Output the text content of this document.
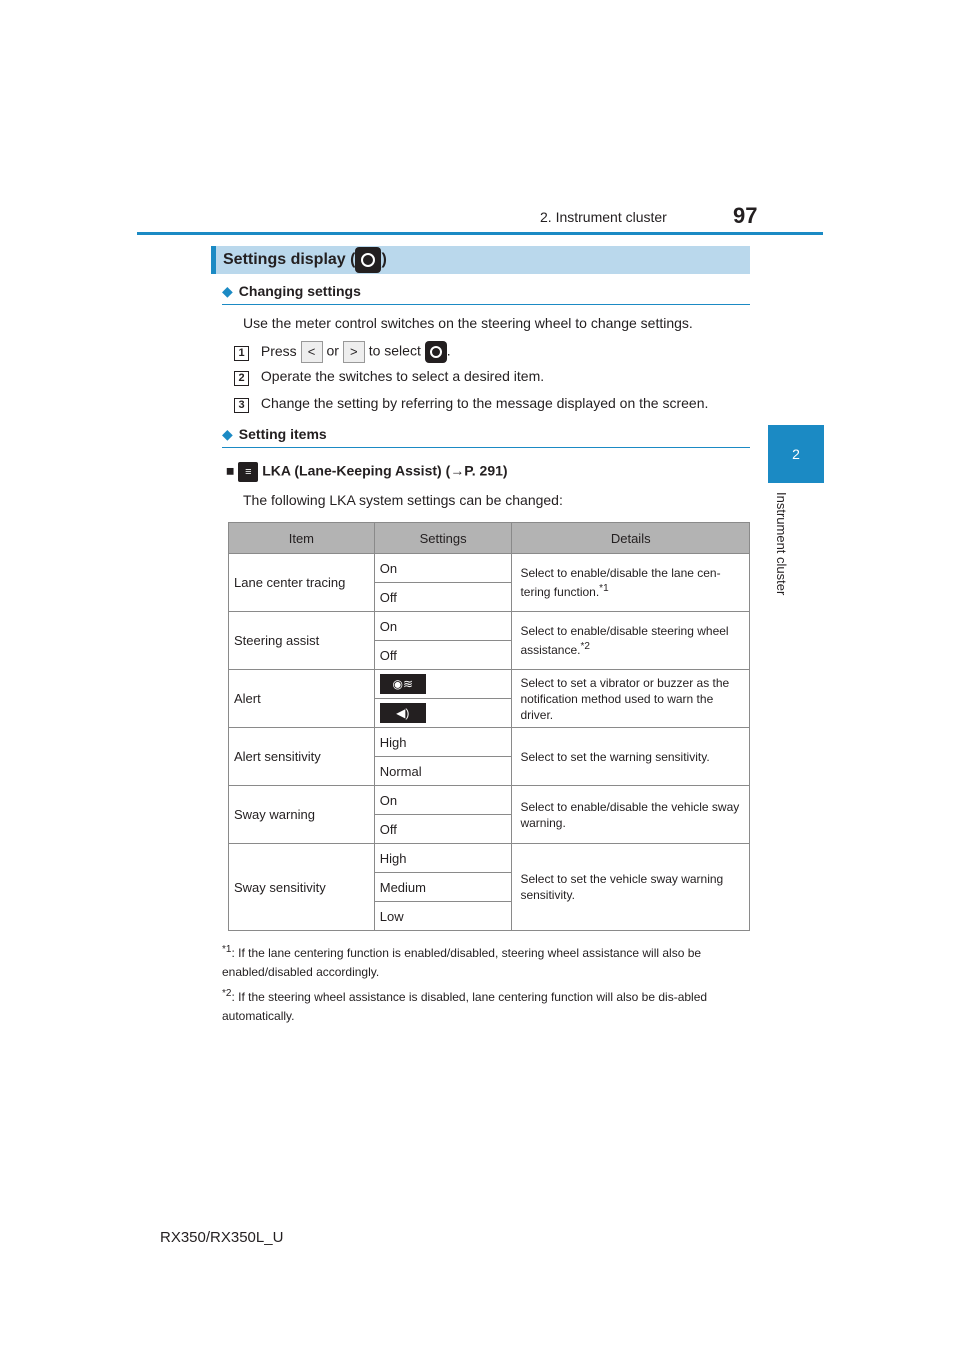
2. Instrument cluster	97
2
Instrument cluster
Settings display ( )
◆ Changing settings
Use the meter control switches on the steering wheel to change settings.
1 Press < or > to select .
2 Operate the switches to select a desired item.
3 Change the setting by referring to the message displayed on the screen.
◆ Setting items
■ ≡ LKA (Lane-Keeping Assist) (→P. 291)
The following LKA system settings can be changed:
Item	Settings	Details
Lane center tracing	On	Select to enable/disable the lane cen-tering function.$^{*1}$
	Off	
Steering assist	On	Select to enable/disable steering wheel assistance.$^{*2}$
	Off	
Alert	◉≋	Select to set a vibrator or buzzer as the notification method used to warn the driver.
	◀)	
Alert sensitivity	High	Select to set the warning sensitivity.
	Normal	
Sway warning	On	Select to enable/disable the vehicle sway warning.
	Off	
Sway sensitivity	High	Select to set the vehicle sway warning sensitivity.
	Medium	
	Low	
$^{*1}$: If the lane centering function is enabled/disabled, steering wheel assistance will also be enabled/disabled accordingly.
$^{*2}$: If the steering wheel assistance is disabled, lane centering function will also be dis-abled automatically.
RX350/RX350L_U
